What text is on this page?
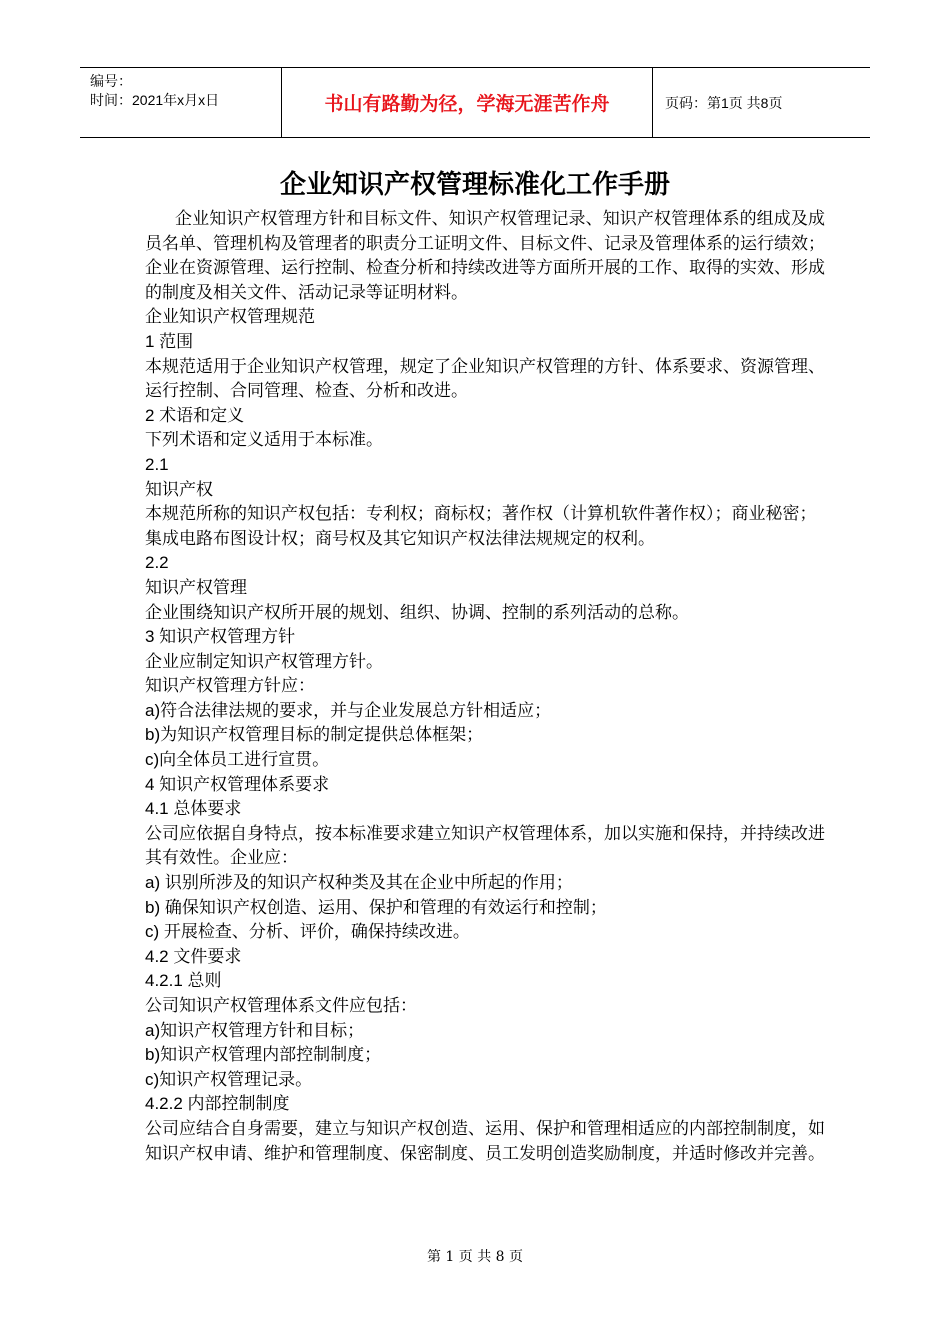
编号：
时间：2021年x月x日	书山有路勤为径，学海无涯苦作舟	页码：第1页 共8页
企业知识产权管理标准化工作手册

企业知识产权管理方针和目标文件、知识产权管理记录、知识产权管理体系的组成及成员名单、管理机构及管理者的职责分工证明文件、目标文件、记录及管理体系的运行绩效；企业在资源管理、运行控制、检查分析和持续改进等方面所开展的工作、取得的实效、形成的制度及相关文件、活动记录等证明材料。

企业知识产权管理规范

1 范围

本规范适用于企业知识产权管理，规定了企业知识产权管理的方针、体系要求、资源管理、运行控制、合同管理、检查、分析和改进。

2 术语和定义

下列术语和定义适用于本标准。

2.1

知识产权

本规范所称的知识产权包括：专利权；商标权；著作权（计算机软件著作权）；商业秘密；集成电路布图设计权；商号权及其它知识产权法律法规规定的权利。

2.2

知识产权管理

企业围绕知识产权所开展的规划、组织、协调、控制的系列活动的总称。

3 知识产权管理方针

企业应制定知识产权管理方针。

知识产权管理方针应：

a)符合法律法规的要求，并与企业发展总方针相适应；

b)为知识产权管理目标的制定提供总体框架；

c)向全体员工进行宣贯。

4 知识产权管理体系要求

4.1 总体要求

公司应依据自身特点，按本标准要求建立知识产权管理体系，加以实施和保持，并持续改进其有效性。企业应：

a) 识别所涉及的知识产权种类及其在企业中所起的作用；

b) 确保知识产权创造、运用、保护和管理的有效运行和控制；

c) 开展检查、分析、评价，确保持续改进。

4.2 文件要求

4.2.1 总则

公司知识产权管理体系文件应包括：

a)知识产权管理方针和目标；

b)知识产权管理内部控制制度；

c)知识产权管理记录。

4.2.2 内部控制制度

公司应结合自身需要，建立与知识产权创造、运用、保护和管理相适应的内部控制制度，如知识产权申请、维护和管理制度、保密制度、员工发明创造奖励制度，并适时修改并完善。

第 1 页 共 8 页
